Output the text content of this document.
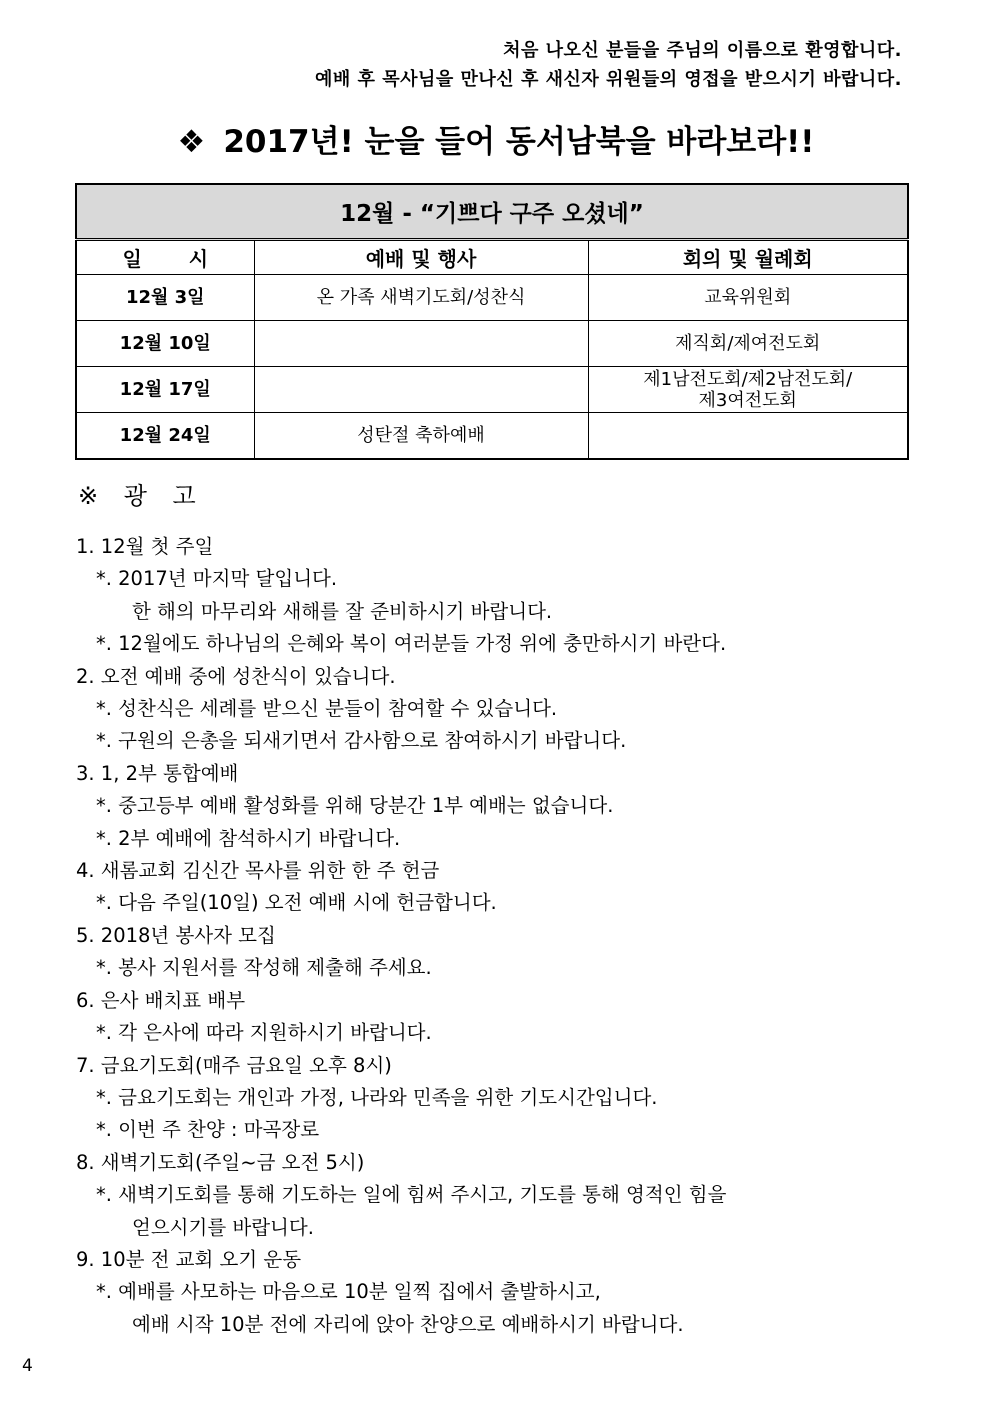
처음 나오신 분들을 주님의 이름으로 환영합니다.
예배 후 목사님을 만나신 후 새신자 위원들의 영접을 받으시기 바랍니다.
❖ 2017년! 눈을 들어 동서남북을 바라보라!!
12월 - “기쁘다 구주 오셨네”		
일 시	예배 및 행사	회의 및 월례회
12월 3일	온 가족 새벽기도회/성찬식	교육위원회
12월 10일		제직회/제여전도회
12월 17일		제1남전도회/제2남전도회/
제3여전도회

12월 24일	성탄절 축하예배	
※ 광 고
1. 12월 첫 주일
*. 2017년 마지막 달입니다.
한 해의 마무리와 새해를 잘 준비하시기 바랍니다.
*. 12월에도 하나님의 은혜와 복이 여러분들 가정 위에 충만하시기 바란다.
2. 오전 예배 중에 성찬식이 있습니다.
*. 성찬식은 세례를 받으신 분들이 참여할 수 있습니다.
*. 구원의 은총을 되새기면서 감사함으로 참여하시기 바랍니다.
3. 1, 2부 통합예배
*. 중고등부 예배 활성화를 위해 당분간 1부 예배는 없습니다.
*. 2부 예배에 참석하시기 바랍니다.
4. 새롬교회 김신간 목사를 위한 한 주 헌금
*. 다음 주일(10일) 오전 예배 시에 헌금합니다.
5. 2018년 봉사자 모집
*. 봉사 지원서를 작성해 제출해 주세요.
6. 은사 배치표 배부
*. 각 은사에 따라 지원하시기 바랍니다.
7. 금요기도회(매주 금요일 오후 8시)
*. 금요기도회는 개인과 가정, 나라와 민족을 위한 기도시간입니다.
*. 이번 주 찬양 : 마곡장로
8. 새벽기도회(주일~금 오전 5시)
*. 새벽기도회를 통해 기도하는 일에 힘써 주시고, 기도를 통해 영적인 힘을
얻으시기를 바랍니다.
9. 10분 전 교회 오기 운동
*. 예배를 사모하는 마음으로 10분 일찍 집에서 출발하시고,
예배 시작 10분 전에 자리에 앉아 찬양으로 예배하시기 바랍니다.
4
